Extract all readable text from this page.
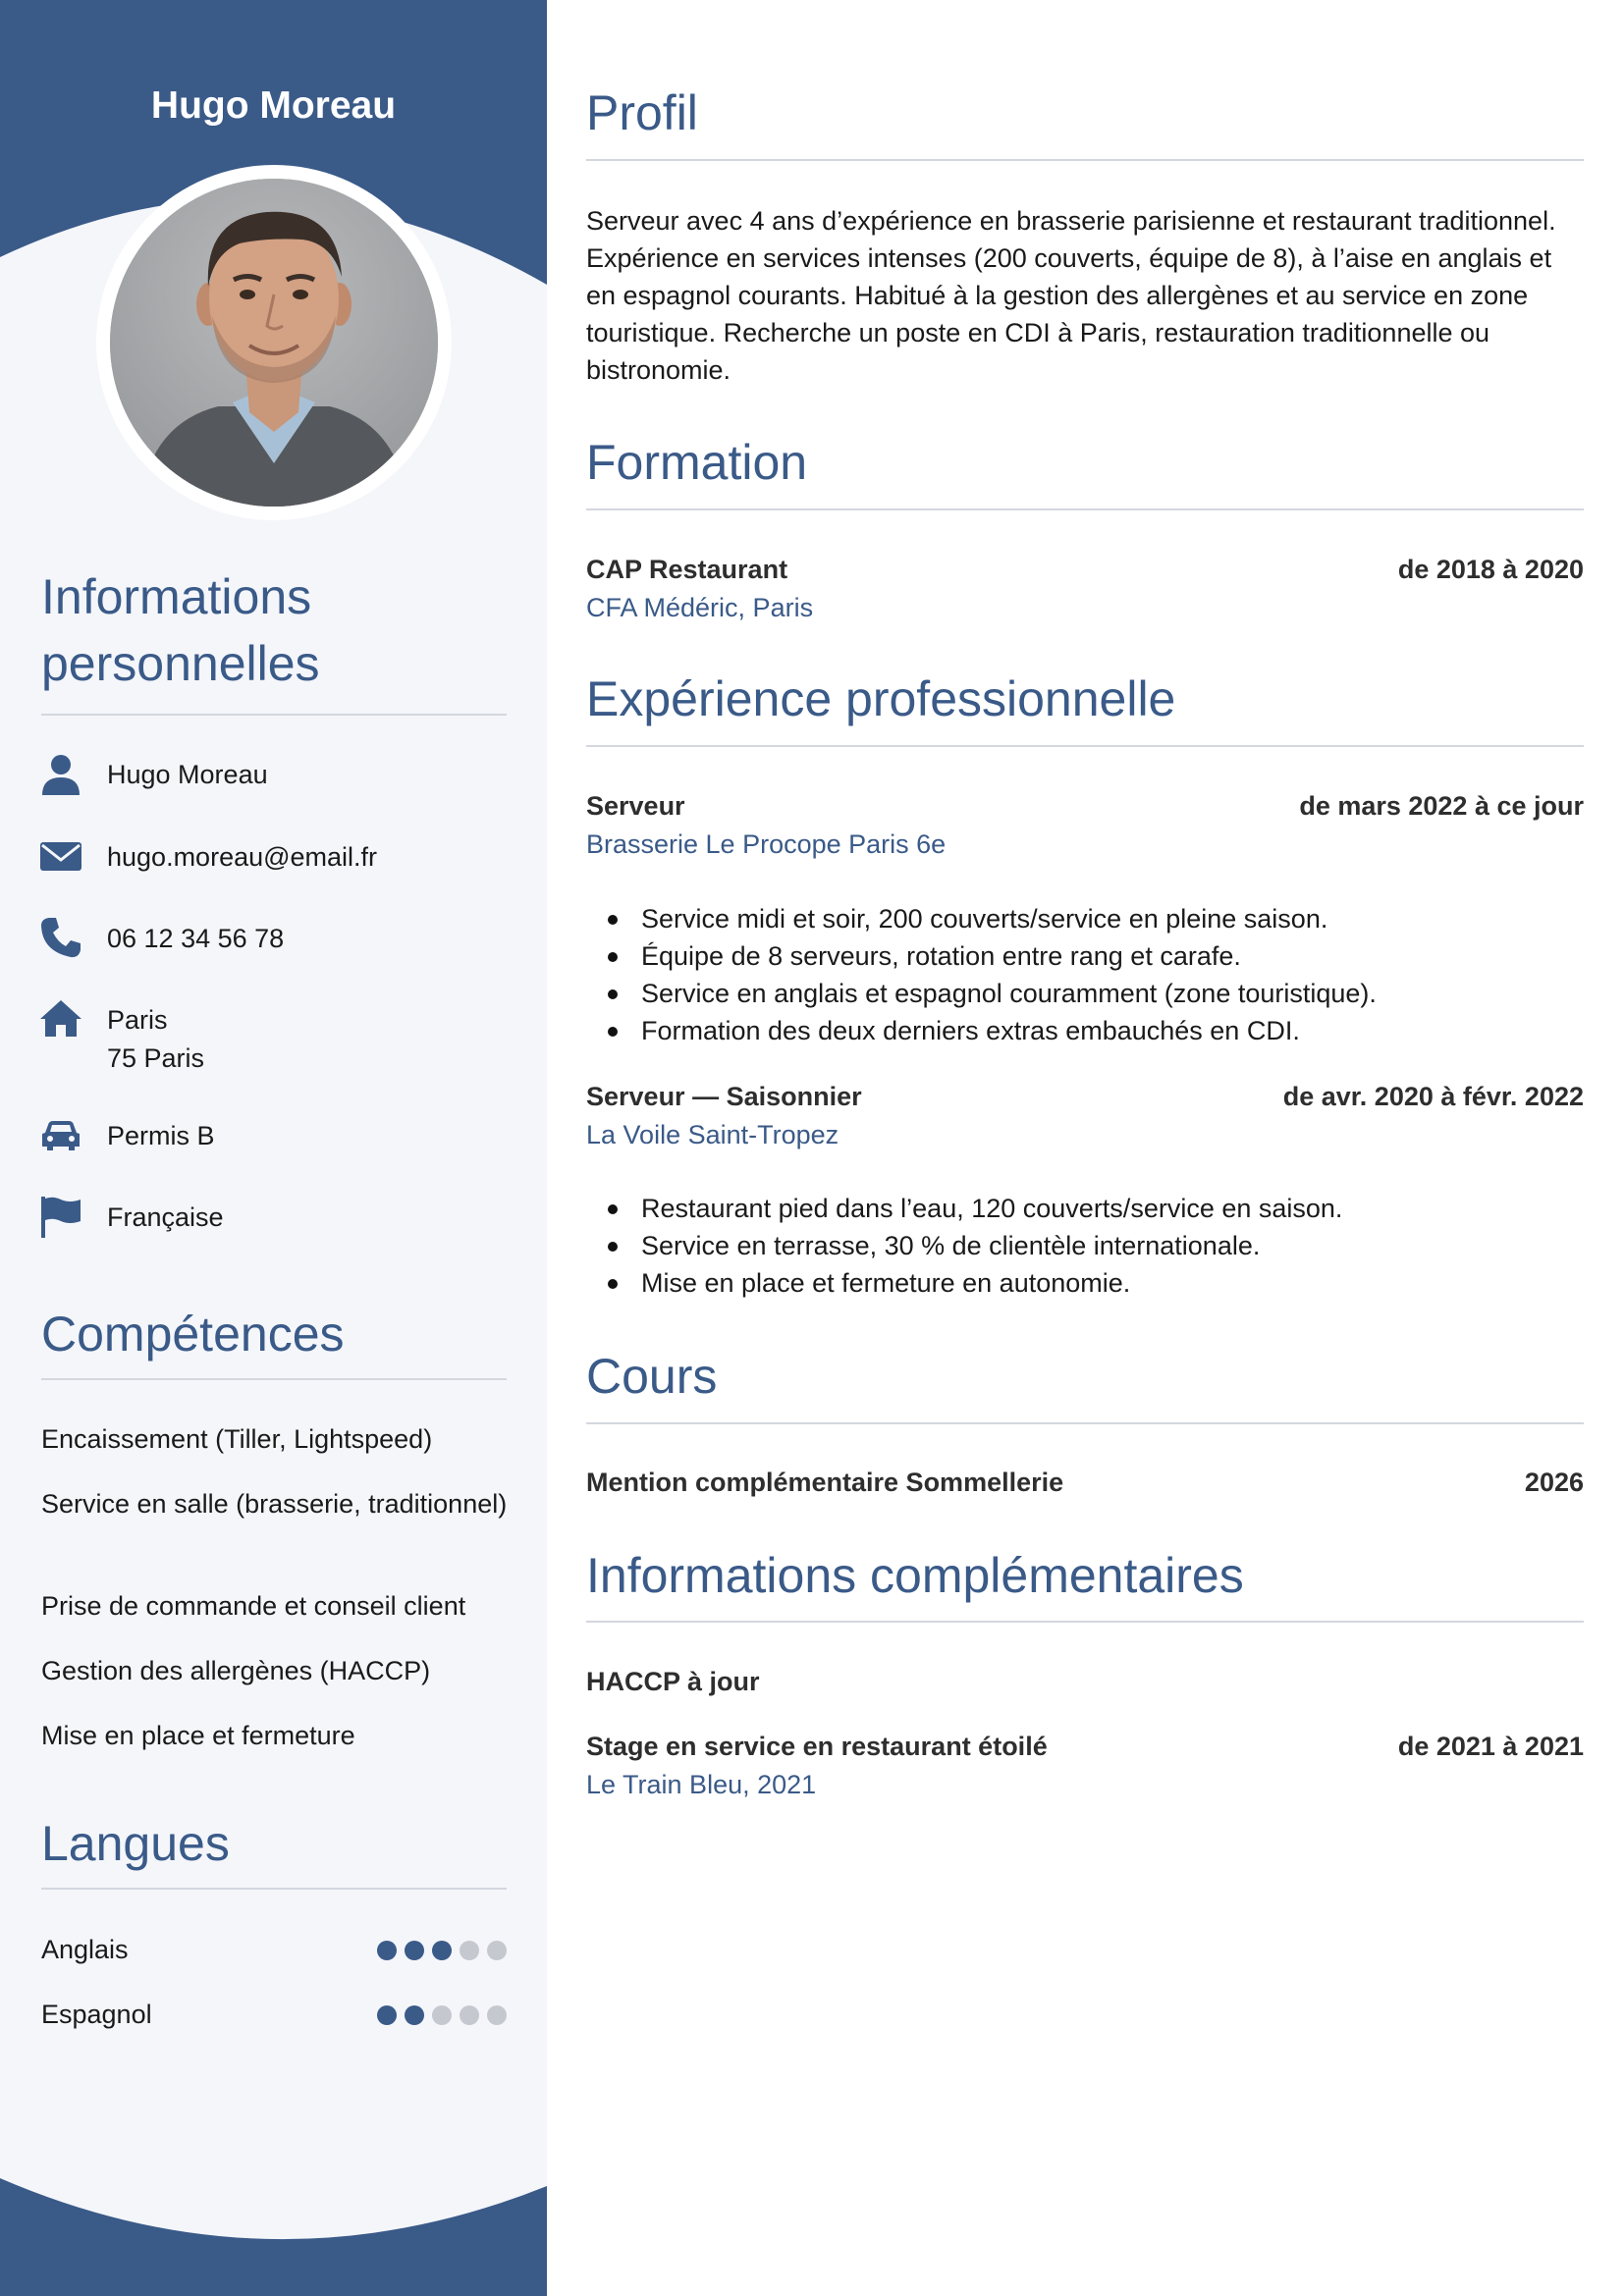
Hugo Moreau
Informations
personnelles
Hugo Moreau
hugo.moreau@email.fr
06 12 34 56 78
Paris
75 Paris
Permis B
Française
Compétences
Encaissement (Tiller, Lightspeed)
Service en salle (brasserie, traditionnel)
Prise de commande et conseil client
Gestion des allergènes (HACCP)
Mise en place et fermeture
Langues
Anglais
Espagnol
Profil
Serveur avec 4 ans d’expérience en brasserie parisienne et restaurant traditionnel. Expérience en services intenses (200 couverts, équipe de 8), à l’aise en anglais et en espagnol courants. Habitué à la gestion des allergènes et au service en zone touristique. Recherche un poste en CDI à Paris, restauration traditionnelle ou bistronomie.
Formation
CAP Restaurant	de 2018 à 2020
CFA Médéric, Paris
Expérience professionnelle
Serveur	de mars 2022 à ce jour
Brasserie Le Procope Paris 6e
Service midi et soir, 200 couverts/service en pleine saison.
Équipe de 8 serveurs, rotation entre rang et carafe.
Service en anglais et espagnol couramment (zone touristique).
Formation des deux derniers extras embauchés en CDI.
Serveur — Saisonnier	de avr. 2020 à févr. 2022
La Voile Saint-Tropez
Restaurant pied dans l’eau, 120 couverts/service en saison.
Service en terrasse, 30 % de clientèle internationale.
Mise en place et fermeture en autonomie.
Cours
Mention complémentaire Sommellerie	2026
Informations complémentaires
HACCP à jour
Stage en service en restaurant étoilé	de 2021 à 2021
Le Train Bleu, 2021
